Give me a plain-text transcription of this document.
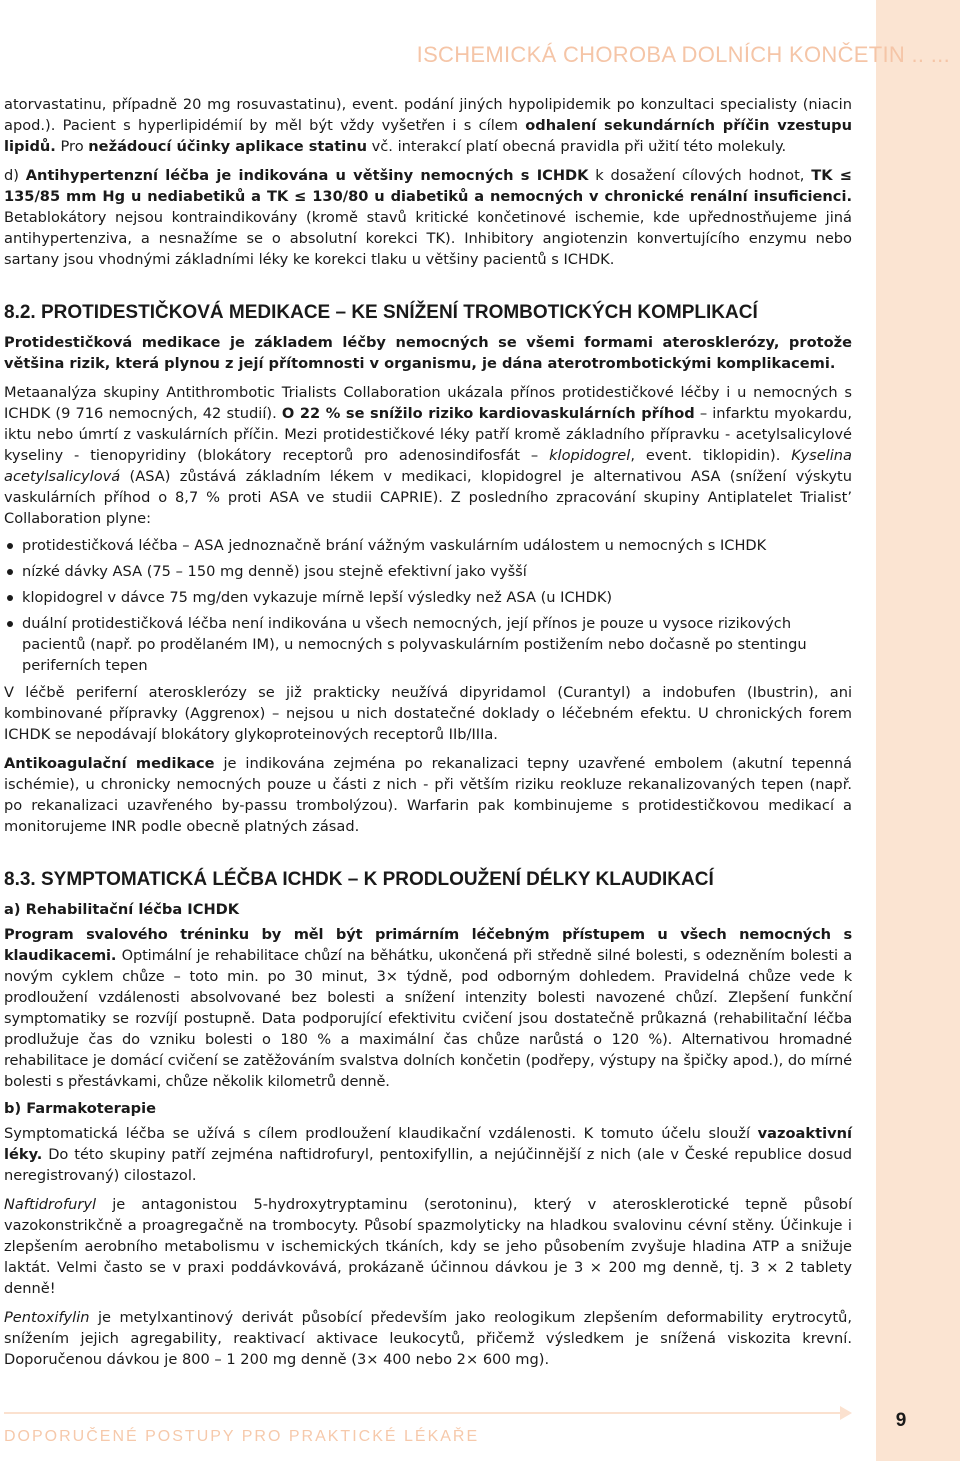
ISCHEMICKÁ CHOROBA DOLNÍCH KONČETIN .. ...

atorvastatinu, případně 20 mg rosuvastatinu), event. podání jiných hypolipidemik po konzultaci specialisty (niacin apod.). Pacient s hyperlipidémií by měl být vždy vyšetřen i s cílem odhalení sekundárních příčin vzestupu lipidů. Pro nežádoucí účinky aplikace statinu vč. interakcí platí obecná pravidla při užití této molekuly.

d) Antihypertenzní léčba je indikována u většiny nemocných s ICHDK k dosažení cílových hodnot, TK ≤ 135/85 mm Hg u nediabetiků a TK ≤ 130/80 u diabetiků a nemocných v chronické renální insuficienci. Betablokátory nejsou kontraindikovány (kromě stavů kritické končetinové ischemie, kde upřednostňujeme jiná antihypertenziva, a nesnažíme se o absolutní korekci TK). Inhibitory angiotenzin konvertujícího enzymu nebo sartany jsou vhodnými základními léky ke korekci tlaku u většiny pacientů s ICHDK.

8.2. PROTIDESTIČKOVÁ MEDIKACE – KE SNÍŽENÍ TROMBOTICKÝCH KOMPLIKACÍ

Protidestičková medikace je základem léčby nemocných se všemi formami aterosklerózy, protože většina rizik, která plynou z její přítomnosti v organismu, je dána aterotrombotickými komplikacemi.

Metaanalýza skupiny Antithrombotic Trialists Collaboration ukázala přínos protidestičkové léčby i u nemocných s ICHDK (9 716 nemocných, 42 studií). O 22 % se snížilo riziko kardiovaskulárních příhod – infarktu myokardu, iktu nebo úmrtí z vaskulárních příčin. Mezi protidestičkové léky patří kromě základního přípravku - acetylsalicylové kyseliny - tienopyridiny (blokátory receptorů pro adenosindifosfát – klopidogrel, event. tiklopidin). Kyselina acetylsalicylová (ASA) zůstává základním lékem v medikaci, klopidogrel je alternativou ASA (snížení výskytu vaskulárních příhod o 8,7 % proti ASA ve studii CAPRIE). Z posledního zpracování skupiny Antiplatelet Trialist’ Collaboration plyne:

protidestičková léčba – ASA jednoznačně brání vážným vaskulárním událostem u nemocných s ICHDK
nízké dávky ASA (75 – 150 mg denně) jsou stejně efektivní jako vyšší
klopidogrel v dávce 75 mg/den vykazuje mírně lepší výsledky než ASA (u ICHDK)
duální protidestičková léčba není indikována u všech nemocných, její přínos je pouze u vysoce rizikových pacientů (např. po prodělaném IM), u nemocných s polyvaskulárním postižením nebo dočasně po stentingu periferních tepen

V léčbě periferní aterosklerózy se již prakticky neužívá dipyridamol (Curantyl) a indobufen (Ibustrin), ani kombinované přípravky (Aggrenox) – nejsou u nich dostatečné doklady o léčebném efektu. U chronických forem ICHDK se nepodávají blokátory glykoproteinových receptorů IIb/IIIa.

Antikoagulační medikace je indikována zejména po rekanalizaci tepny uzavřené embolem (akutní tepenná ischémie), u chronicky nemocných pouze u části z nich - při větším riziku reokluze rekanalizovaných tepen (např. po rekanalizaci uzavřeného by-passu trombolýzou). Warfarin pak kombinujeme s protidestičkovou medikací a monitorujeme INR podle obecně platných zásad.

8.3. SYMPTOMATICKÁ LÉČBA ICHDK – K PRODLOUŽENÍ DÉLKY KLAUDIKACÍ
a) Rehabilitační léčba ICHDK

Program svalového tréninku by měl být primárním léčebným přístupem u všech nemocných s klaudikacemi. Optimální je rehabilitace chůzí na běhátku, ukončená při středně silné bolesti, s odezněním bolesti a novým cyklem chůze – toto min. po 30 minut, 3× týdně, pod odborným dohledem. Pravidelná chůze vede k prodloužení vzdálenosti absolvované bez bolesti a snížení intenzity bolesti navozené chůzí. Zlepšení funkční symptomatiky se rozvíjí postupně. Data podporující efektivitu cvičení jsou dostatečně průkazná (rehabilitační léčba prodlužuje čas do vzniku bolesti o 180 % a maximální čas chůze narůstá o 120 %). Alternativou hromadné rehabilitace je domácí cvičení se zatěžováním svalstva dolních končetin (podřepy, výstupy na špičky apod.), do mírné bolesti s přestávkami, chůze několik kilometrů denně.

b) Farmakoterapie

Symptomatická léčba se užívá s cílem prodloužení klaudikační vzdálenosti. K tomuto účelu slouží vazoaktivní léky. Do této skupiny patří zejména naftidrofuryl, pentoxifyllin, a nejúčinnější z nich (ale v České republice dosud neregistrovaný) cilostazol.

Naftidrofuryl je antagonistou 5-hydroxytryptaminu (serotoninu), který v aterosklerotické tepně působí vazokonstrikčně a proagregačně na trombocyty. Působí spazmolyticky na hladkou svalovinu cévní stěny. Účinkuje i zlepšením aerobního metabolismu v ischemických tkáních, kdy se jeho působením zvyšuje hladina ATP a snižuje laktát. Velmi často se v praxi poddávkovává, prokázaně účinnou dávkou je 3 × 200 mg denně, tj. 3 × 2 tablety denně!

Pentoxifylin je metylxantinový derivát působící především jako reologikum zlepšením deformability erytrocytů, snížením jejich agregability, reaktivací aktivace leukocytů, přičemž výsledkem je snížená viskozita krevní. Doporučenou dávkou je 800 – 1 200 mg denně (3× 400 nebo 2× 600 mg).

DOPORUČENÉ POSTUPY PRO PRAKTICKÉ LÉKAŘE
9
